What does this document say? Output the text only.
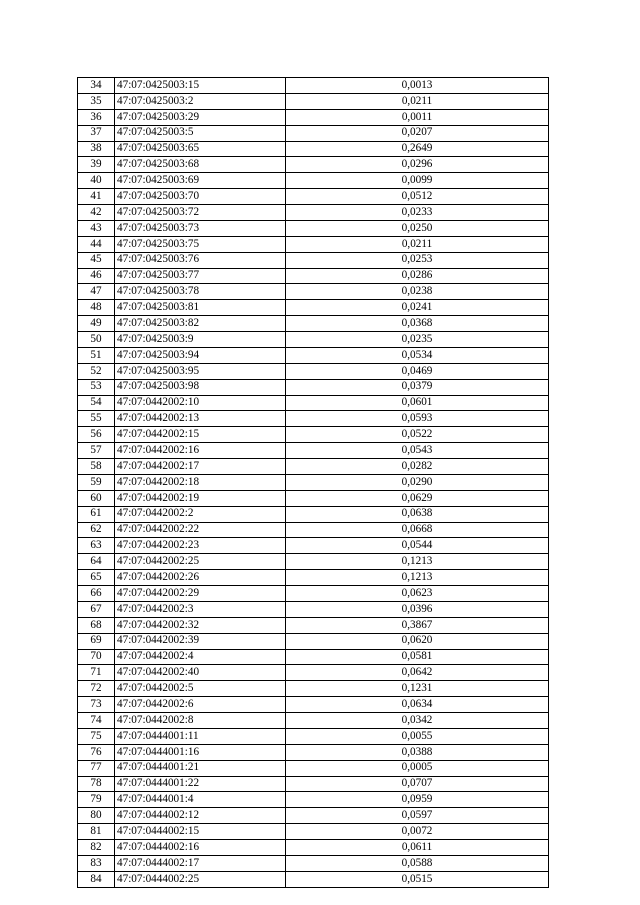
34	47:07:0425003:15	0,0013
35	47:07:0425003:2	0,0211
36	47:07:0425003:29	0,0011
37	47:07:0425003:5	0,0207
38	47:07:0425003:65	0,2649
39	47:07:0425003:68	0,0296
40	47:07:0425003:69	0,0099
41	47:07:0425003:70	0,0512
42	47:07:0425003:72	0,0233
43	47:07:0425003:73	0,0250
44	47:07:0425003:75	0,0211
45	47:07:0425003:76	0,0253
46	47:07:0425003:77	0,0286
47	47:07:0425003:78	0,0238
48	47:07:0425003:81	0,0241
49	47:07:0425003:82	0,0368
50	47:07:0425003:9	0,0235
51	47:07:0425003:94	0,0534
52	47:07:0425003:95	0,0469
53	47:07:0425003:98	0,0379
54	47:07:0442002:10	0,0601
55	47:07:0442002:13	0,0593
56	47:07:0442002:15	0,0522
57	47:07:0442002:16	0,0543
58	47:07:0442002:17	0,0282
59	47:07:0442002:18	0,0290
60	47:07:0442002:19	0,0629
61	47:07:0442002:2	0,0638
62	47:07:0442002:22	0,0668
63	47:07:0442002:23	0,0544
64	47:07:0442002:25	0,1213
65	47:07:0442002:26	0,1213
66	47:07:0442002:29	0,0623
67	47:07:0442002:3	0,0396
68	47:07:0442002:32	0,3867
69	47:07:0442002:39	0,0620
70	47:07:0442002:4	0,0581
71	47:07:0442002:40	0,0642
72	47:07:0442002:5	0,1231
73	47:07:0442002:6	0,0634
74	47:07:0442002:8	0,0342
75	47:07:0444001:11	0,0055
76	47:07:0444001:16	0,0388
77	47:07:0444001:21	0,0005
78	47:07:0444001:22	0,0707
79	47:07:0444001:4	0,0959
80	47:07:0444002:12	0,0597
81	47:07:0444002:15	0,0072
82	47:07:0444002:16	0,0611
83	47:07:0444002:17	0,0588
84	47:07:0444002:25	0,0515
